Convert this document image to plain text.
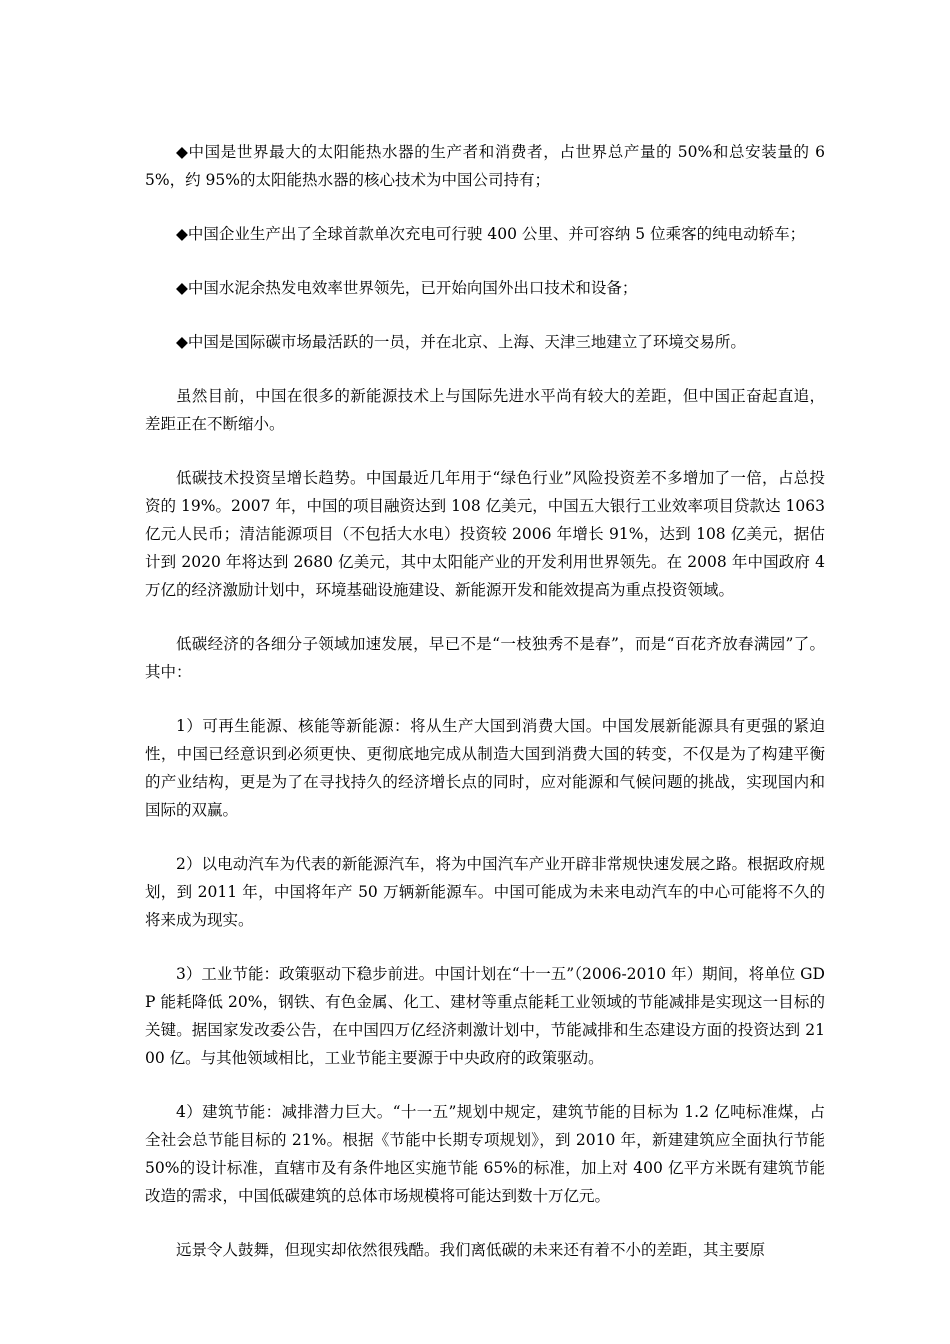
◆中国是世界最大的太阳能热水器的生产者和消费者，占世界总产量的 50%和总安装量的 65%，约 95%的太阳能热水器的核心技术为中国公司持有；

◆中国企业生产出了全球首款单次充电可行驶 400 公里、并可容纳 5 位乘客的纯电动轿车；

◆中国水泥余热发电效率世界领先，已开始向国外出口技术和设备；

◆中国是国际碳市场最活跃的一员，并在北京、上海、天津三地建立了环境交易所。

虽然目前，中国在很多的新能源技术上与国际先进水平尚有较大的差距，但中国正奋起直追，差距正在不断缩小。

低碳技术投资呈增长趋势。中国最近几年用于“绿色行业”风险投资差不多增加了一倍，占总投资的 19%。2007 年，中国的项目融资达到 108 亿美元，中国五大银行工业效率项目贷款达 1063 亿元人民币；清洁能源项目（不包括大水电）投资较 2006 年增长 91%，达到 108 亿美元，据估计到 2020 年将达到 2680 亿美元，其中太阳能产业的开发利用世界领先。在 2008 年中国政府 4 万亿的经济激励计划中，环境基础设施建设、新能源开发和能效提高为重点投资领域。

低碳经济的各细分子领域加速发展，早已不是“一枝独秀不是春”，而是“百花齐放春满园”了。其中：

1）可再生能源、核能等新能源：将从生产大国到消费大国。中国发展新能源具有更强的紧迫性，中国已经意识到必须更快、更彻底地完成从制造大国到消费大国的转变，不仅是为了构建平衡的产业结构，更是为了在寻找持久的经济增长点的同时，应对能源和气候问题的挑战，实现国内和国际的双赢。

2）以电动汽车为代表的新能源汽车，将为中国汽车产业开辟非常规快速发展之路。根据政府规划，到 2011 年，中国将年产 50 万辆新能源车。中国可能成为未来电动汽车的中心可能将不久的将来成为现实。

3）工业节能：政策驱动下稳步前进。中国计划在“十一五”（2006-2010 年）期间，将单位 GDP 能耗降低 20%，钢铁、有色金属、化工、建材等重点能耗工业领域的节能减排是实现这一目标的关键。据国家发改委公告，在中国四万亿经济刺激计划中，节能减排和生态建设方面的投资达到 2100 亿。与其他领域相比，工业节能主要源于中央政府的政策驱动。

4）建筑节能：减排潜力巨大。“十一五”规划中规定，建筑节能的目标为 1.2 亿吨标准煤，占全社会总节能目标的 21%。根据《节能中长期专项规划》，到 2010 年，新建建筑应全面执行节能 50%的设计标准，直辖市及有条件地区实施节能 65%的标准，加上对 400 亿平方米既有建筑节能改造的需求，中国低碳建筑的总体市场规模将可能达到数十万亿元。

远景令人鼓舞，但现实却依然很残酷。我们离低碳的未来还有着不小的差距，其主要原
